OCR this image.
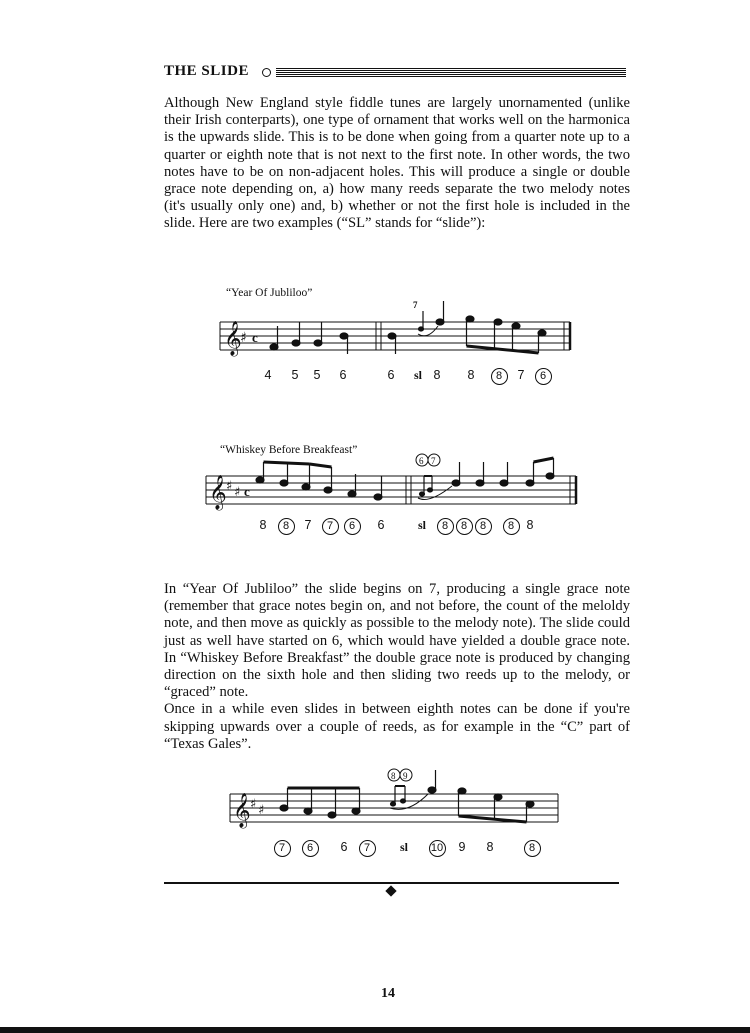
THE SLIDE

Although New England style fiddle tunes are largely unornamented (unlike their Irish conterparts), one type of ornament that works well on the harmonica is the upwards slide. This is to be done when going from a quarter note up to a quarter or eighth note that is not next to the first note. In other words, the two notes have to be on non-adjacent holes. This will produce a single or double grace note depending on, a) how many reeds separate the two melody notes (it's usually only one) and, b) whether or not the first hole is included in the slide. Here are two examples (“SL” stands for “slide”):

“Year Of Jubliloo”
𝄞
♯ c
7
4	5	5	6	6	sl 8	8	8	7	6
“Whiskey Before Breakfeast”
𝄞 ♯ ♯ c
6 7
8	8	7	7	6	6	sl	8	8	8	8 8

In “Year Of Jubliloo” the slide begins on 7, producing a single grace note (remember that grace notes begin on, and not before, the count of the meloldy note, and then move as quickly as possible to the melody note). The slide could just as well have started on 6, which would have yielded a double grace note. In “Whiskey Before Breakfast” the double grace note is produced by changing direction on the sixth hole and then sliding two reeds up to the melody, or “graced” note.

Once in a while even slides in between eighth notes can be done if you're skipping upwards over a couple of reeds, as for example in the “C” part of “Texas Gales”.

𝄞 ♯ ♯
8 9
7	6	6	7	sl	10	9	8	8
14
